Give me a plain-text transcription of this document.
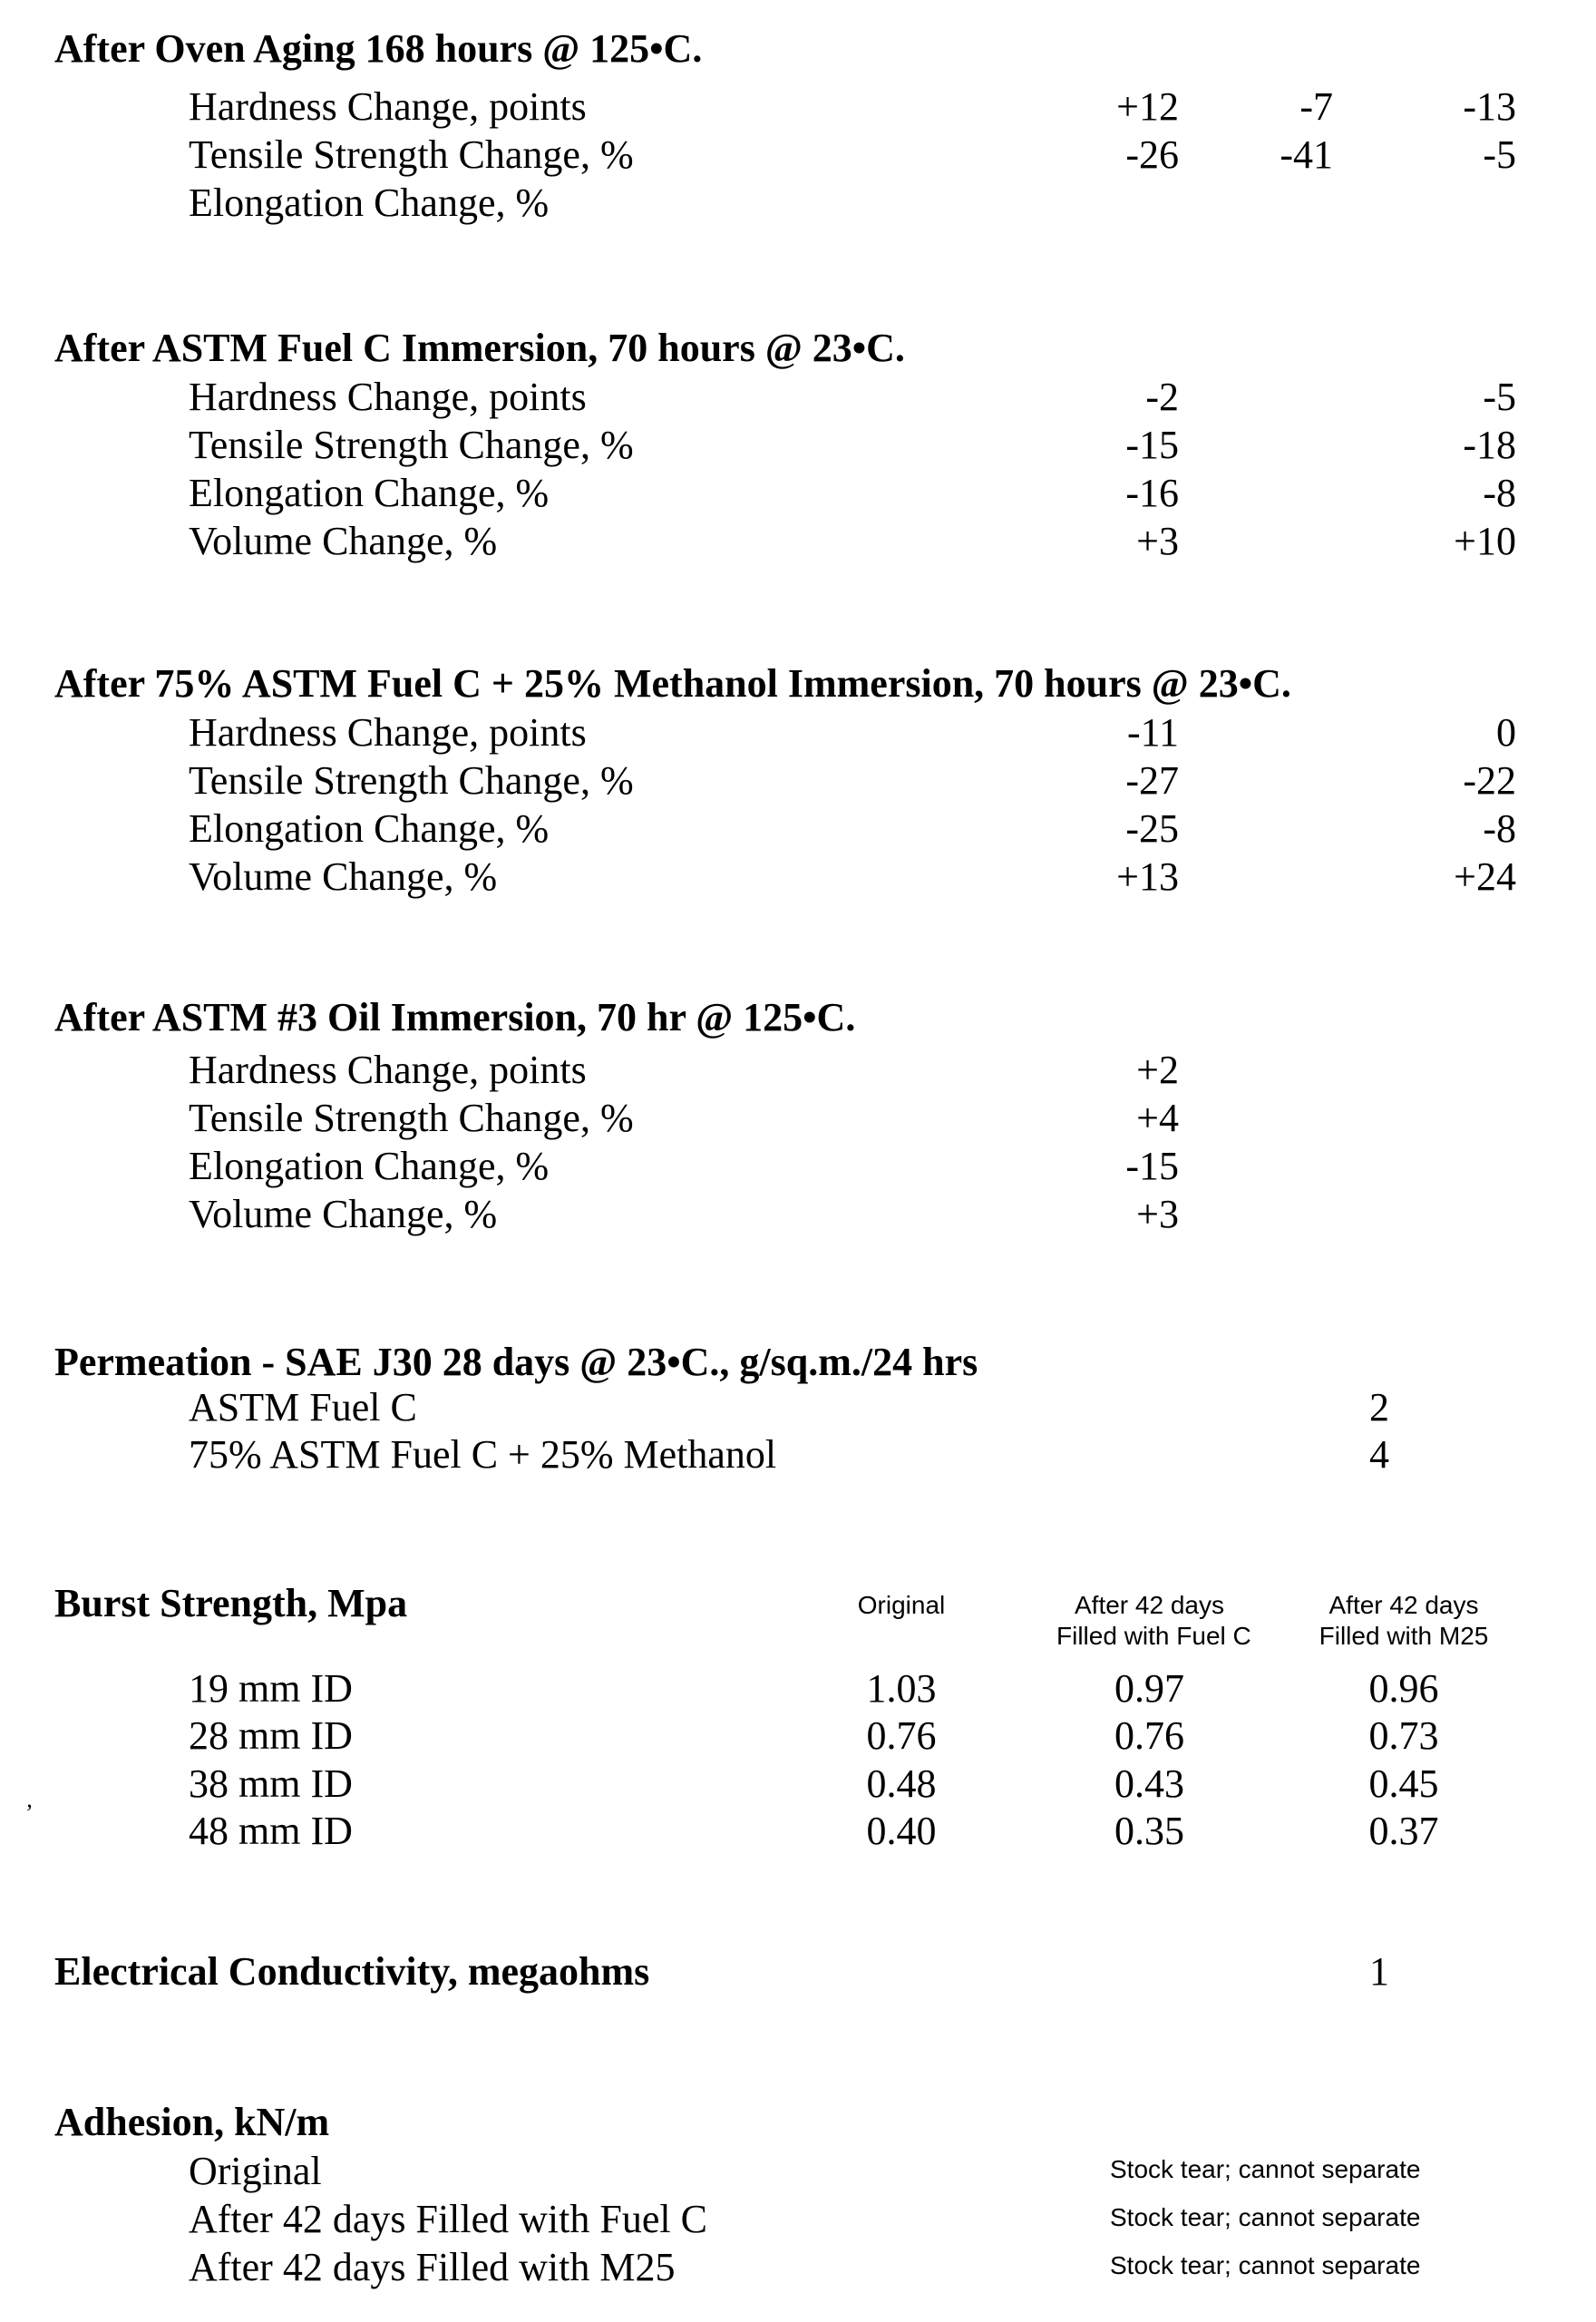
After Oven Aging 168 hours @ 125•C.
Hardness Change, points	+12	-7	-13
Tensile Strength Change, %	-26	-41	-5
Elongation Change, %
After ASTM Fuel C Immersion, 70 hours @ 23•C.
Hardness Change, points	-2	-5
Tensile Strength Change, %	-15	-18
Elongation Change, %	-16	-8
Volume Change, %	+3	+10
After 75% ASTM Fuel C + 25% Methanol Immersion, 70 hours @ 23•C.
Hardness Change, points	-11	0
Tensile Strength Change, %	-27	-22
Elongation Change, %	-25	-8
Volume Change, %	+13	+24
After ASTM #3 Oil Immersion, 70 hr @ 125•C.
Hardness Change, points	+2
Tensile Strength Change, %	+4
Elongation Change, %	-15
Volume Change, %	+3
Permeation - SAE J30 28 days @ 23•C., g/sq.m./24 hrs
ASTM Fuel C	2
75% ASTM Fuel C + 25% Methanol	4
Burst Strength, Mpa	Original	After 42 days	After 42 days
Filled with Fuel C	Filled with M25
19 mm ID	1.03	0.97	0.96
28 mm ID	0.76	0.76	0.73
38 mm ID	0.48	0.43	0.45
48 mm ID	0.40	0.35	0.37
’
Electrical Conductivity, megaohms	1
Adhesion, kN/m
Original	Stock tear; cannot separate
After 42 days Filled with Fuel C	Stock tear; cannot separate
After 42 days Filled with M25	Stock tear; cannot separate
